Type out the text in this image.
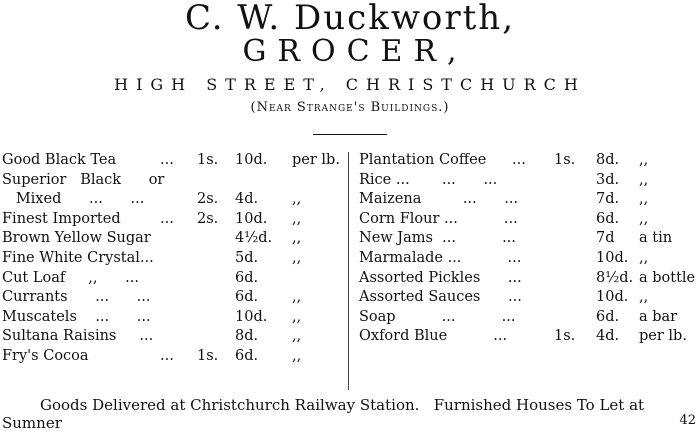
C. W. Duckworth,
GROCER,
HIGH STREET, CHRISTCHURCH
(Near Strange's Buildings.)
Good Black Tea	... 1s. 10d. per lb.
Superior   Black      or
Mixed      ...      ...	2s. 4d. ,,
Finest Imported	... 2s. 10d. ,,
Brown Yellow Sugar	4½d. ,,
Fine White Crystal...	5d. ,,
Cut Loaf     ,,      ...	6d.
Currants      ...      ...	6d. ,,
Muscatels    ...      ...	10d. ,,
Sultana Raisins     ...	8d. ,,
Fry's Cocoa	... 1s. 6d. ,,
Plantation Coffee ... 1s. 8d. ,,
Rice ...       ...      ...	3d. ,,
Maizena         ...      ...	7d. ,,
Corn Flour ...          ...	6d. ,,
New Jams  ...          ...	7d a tin
Marmalade ...          ...	10d. ,,
Assorted Pickles      ...	8½d. a bottle
Assorted Sauces      ...	10d. ,,
Soap          ...          ...	6d. a bar
Oxford Blue          ...	1s. 4d. per lb.
Goods Delivered at Christchurch Railway Station.   Furnished Houses To Let at
Sumner	42
